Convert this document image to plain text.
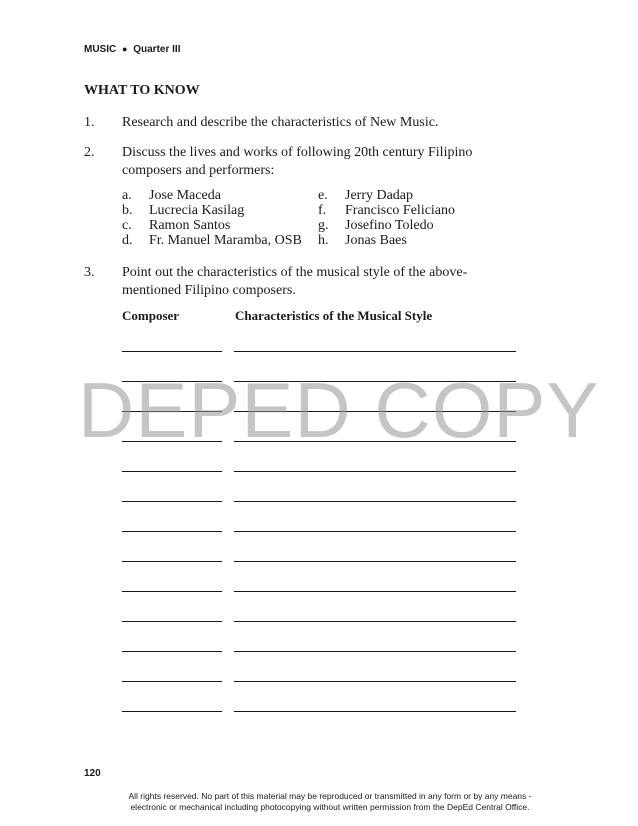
MUSIC ● Quarter III
WHAT TO KNOW
1. Research and describe the characteristics of New Music.
2. Discuss the lives and works of following 20th century Filipino composers and performers:
a. Jose Maceda
b. Lucrecia Kasilag
c. Ramon Santos
d. Fr. Manuel Maramba, OSB
e. Jerry Dadap
f. Francisco Feliciano
g. Josefino Toledo
h. Jonas Baes
3. Point out the characteristics of the musical style of the above-mentioned Filipino composers.
Composer	Characteristics of the Musical Style
DEPED COPY
120
All rights reserved. No part of this material may be reproduced or transmitted in any form or by any means -
electronic or mechanical including photocopying without written permission from the DepEd Central Office.
